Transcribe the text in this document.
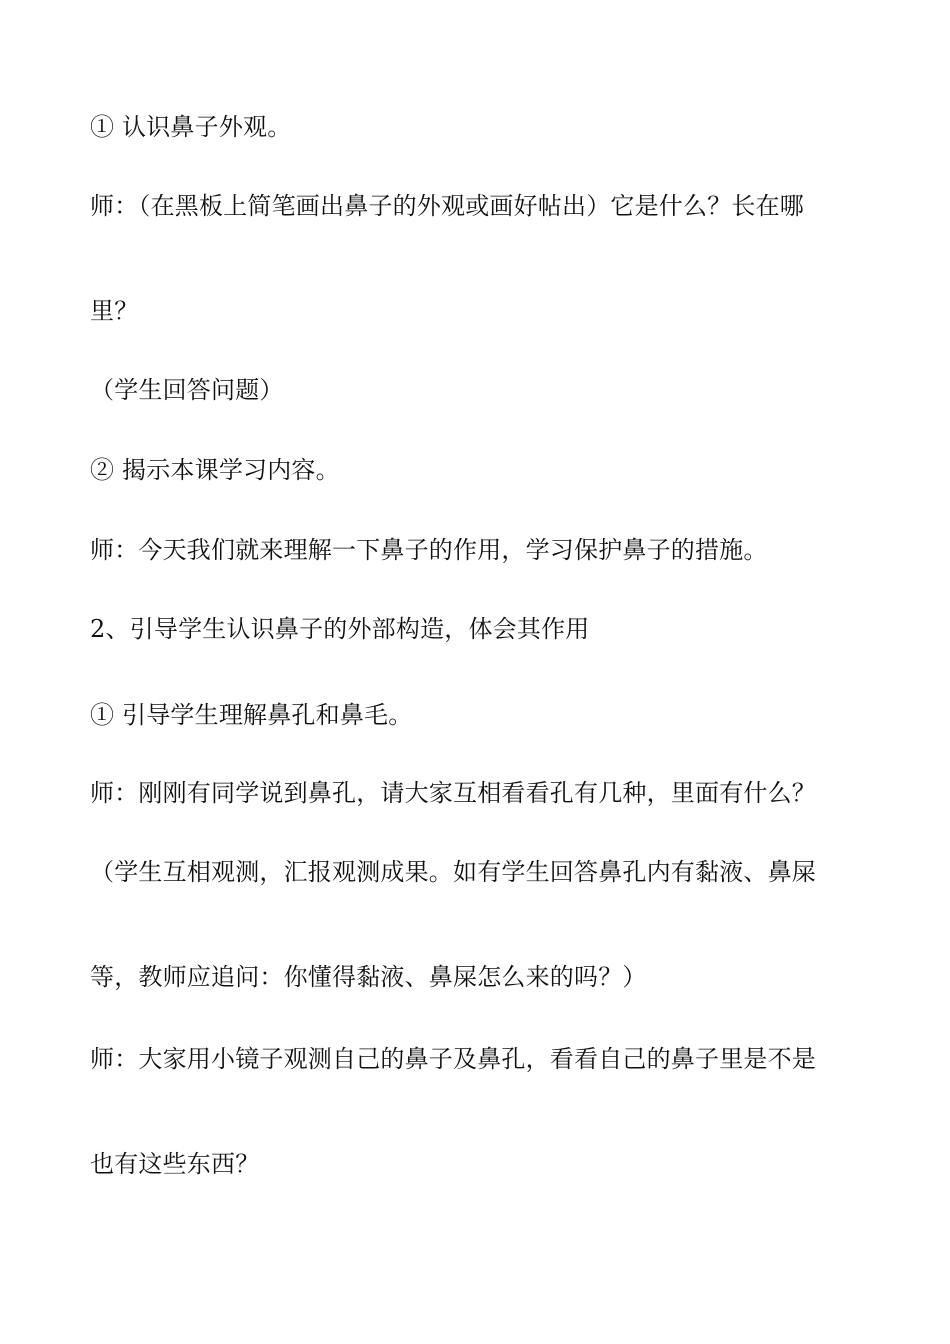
① 认识鼻子外观。
师：（在黑板上简笔画出鼻子的外观或画好帖出）它是什么？长在哪
里？
（学生回答问题）
② 揭示本课学习内容。
师：今天我们就来理解一下鼻子的作用，学习保护鼻子的措施。
2、引导学生认识鼻子的外部构造，体会其作用
① 引导学生理解鼻孔和鼻毛。
师：刚刚有同学说到鼻孔，请大家互相看看孔有几种，里面有什么？
（学生互相观测，汇报观测成果。如有学生回答鼻孔内有黏液、鼻屎
等，教师应追问：你懂得黏液、鼻屎怎么来的吗？）
师：大家用小镜子观测自己的鼻子及鼻孔，看看自己的鼻子里是不是
也有这些东西？
